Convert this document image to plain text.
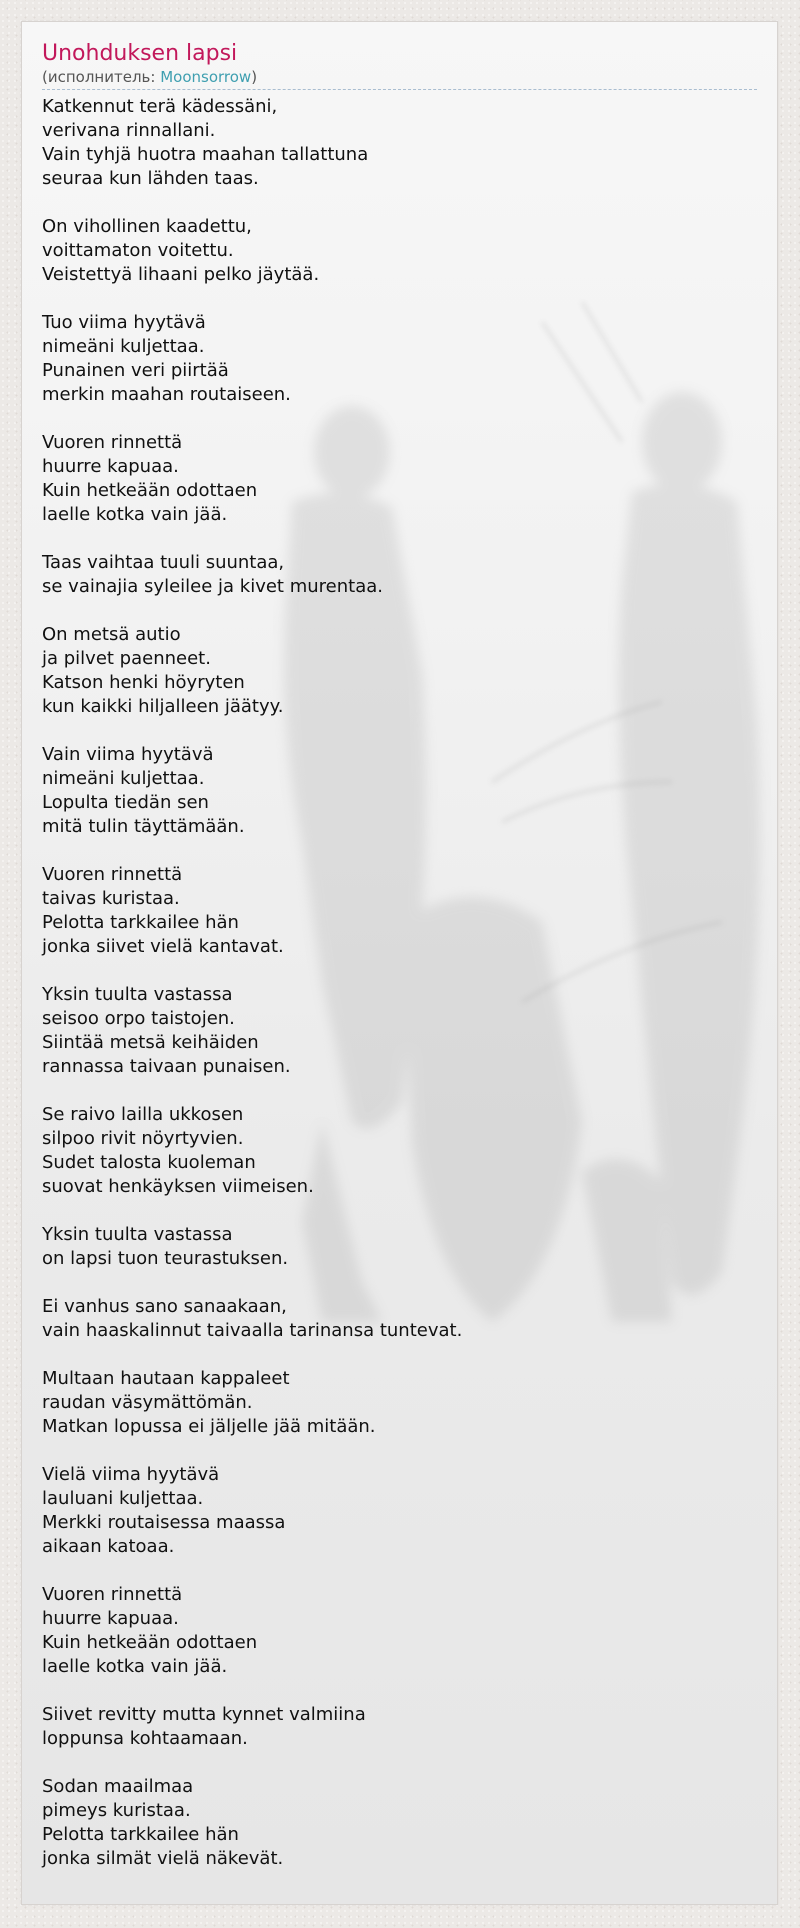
Unohduksen lapsi
(исполнитель: Moonsorrow)
Katkennut terä kädessäni,
verivana rinnallani.
Vain tyhjä huotra maahan tallattuna
seuraa kun lähden taas.
On vihollinen kaadettu,
voittamaton voitettu.
Veistettyä lihaani pelko jäytää.
Tuo viima hyytävä
nimeäni kuljettaa.
Punainen veri piirtää
merkin maahan routaiseen.
Vuoren rinnettä
huurre kapuaa.
Kuin hetkeään odottaen
laelle kotka vain jää.
Taas vaihtaa tuuli suuntaa,
se vainajia syleilee ja kivet murentaa.
On metsä autio
ja pilvet paenneet.
Katson henki höyryten
kun kaikki hiljalleen jäätyy.
Vain viima hyytävä
nimeäni kuljettaa.
Lopulta tiedän sen
mitä tulin täyttämään.
Vuoren rinnettä
taivas kuristaa.
Pelotta tarkkailee hän
jonka siivet vielä kantavat.
Yksin tuulta vastassa
seisoo orpo taistojen.
Siintää metsä keihäiden
rannassa taivaan punaisen.
Se raivo lailla ukkosen
silpoo rivit nöyrtyvien.
Sudet talosta kuoleman
suovat henkäyksen viimeisen.
Yksin tuulta vastassa
on lapsi tuon teurastuksen.
Ei vanhus sano sanaakaan,
vain haaskalinnut taivaalla tarinansa tuntevat.
Multaan hautaan kappaleet
raudan väsymättömän.
Matkan lopussa ei jäljelle jää mitään.
Vielä viima hyytävä
lauluani kuljettaa.
Merkki routaisessa maassa
aikaan katoaa.
Vuoren rinnettä
huurre kapuaa.
Kuin hetkeään odottaen
laelle kotka vain jää.
Siivet revitty mutta kynnet valmiina
loppunsa kohtaamaan.
Sodan maailmaa
pimeys kuristaa.
Pelotta tarkkailee hän
jonka silmät vielä näkevät.
